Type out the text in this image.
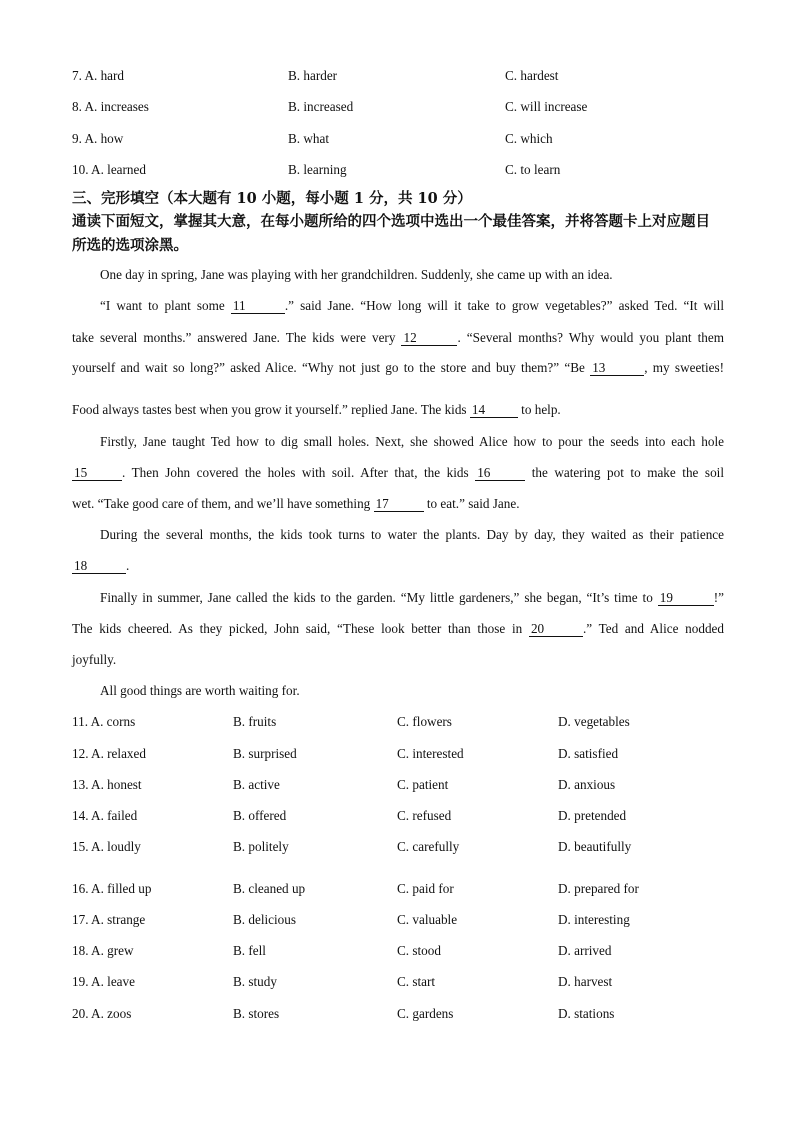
7. A. hard	B. harder	C. hardest
8. A. increases	B. increased	C. will increase
9. A. how	B. what	C. which
10. A. learned	B. learning	C. to learn
三、完形填空（本大题有 10 小题，每小题 1 分，共 10 分）
通读下面短文，掌握其大意，在每小题所给的四个选项中选出一个最佳答案，并将答题卡上对应题目所选的选项涂黑。
One day in spring, Jane was playing with her grandchildren. Suddenly, she came up with an idea.
“I want to plant some 11	.” said Jane. “How long will it take to grow vegetables?” asked Ted. “It will
take several months.” answered Jane. The kids were very 12	. “Several months? Why would you plant them
yourself and wait so long?” asked Alice. “Why not just go to the store and buy them?” “Be 13	, my sweeties!
Food always tastes best when you grow it yourself.” replied Jane. The kids 14 to help.
Firstly, Jane taught Ted how to dig small holes. Next, she showed Alice how to pour the seeds into each hole
15	. Then John covered the holes with soil. After that, the kids 16	the watering pot to make the soil
wet. “Take good care of them, and we’ll have something 17	to eat.” said Jane.
During the several months, the kids took turns to water the plants. Day by day, they waited as their patience
18	.
Finally in summer, Jane called the kids to the garden. “My little gardeners,” she began, “It’s time to 19	!”
The kids cheered. As they picked, John said, “These look better than those in 20	.” Ted and Alice nodded
joyfully.
All good things are worth waiting for.
11. A. corns	B. fruits	C. flowers	D. vegetables
12. A. relaxed	B. surprised	C. interested	D. satisfied
13. A. honest	B. active	C. patient	D. anxious
14. A. failed	B. offered	C. refused	D. pretended
15. A. loudly	B. politely	C. carefully	D. beautifully
16. A. filled up	B. cleaned up	C. paid for	D. prepared for
17. A. strange	B. delicious	C. valuable	D. interesting
18. A. grew	B. fell	C. stood	D. arrived
19. A. leave	B. study	C. start	D. harvest
20. A. zoos	B. stores	C. gardens	D. stations
